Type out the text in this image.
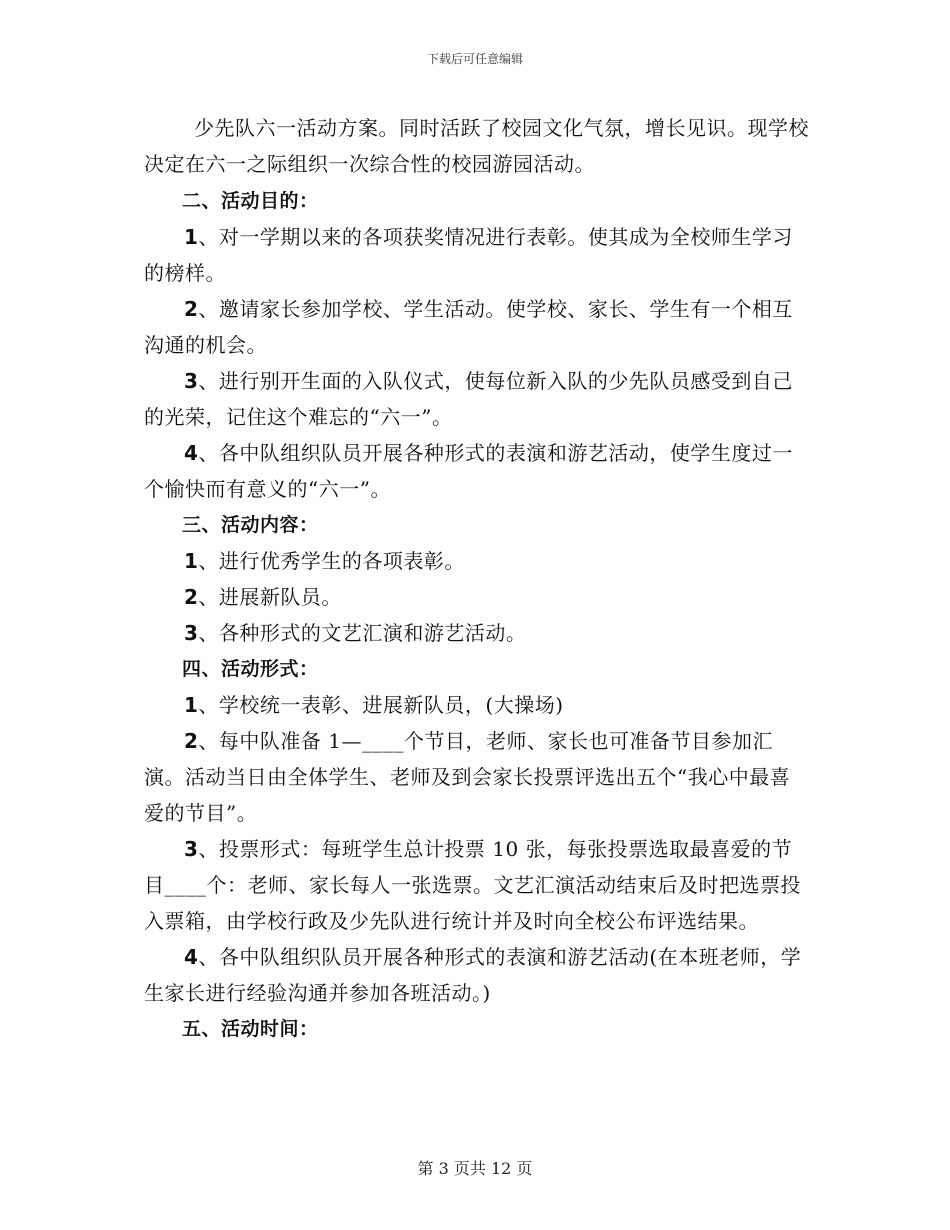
下载后可任意编辑

少先队六一活动方案。同时活跃了校园文化气氛，增长见识。现学校决定在六一之际组织一次综合性的校园游园活动。

二、活动目的：

1、对一学期以来的各项获奖情况进行表彰。使其成为全校师生学习的榜样。

2、邀请家长参加学校、学生活动。使学校、家长、学生有一个相互沟通的机会。

3、进行别开生面的入队仪式，使每位新入队的少先队员感受到自己的光荣，记住这个难忘的“六一”。

4、各中队组织队员开展各种形式的表演和游艺活动，使学生度过一个愉快而有意义的“六一”。

三、活动内容：

1、进行优秀学生的各项表彰。

2、进展新队员。

3、各种形式的文艺汇演和游艺活动。

四、活动形式：

1、学校统一表彰、进展新队员，(大操场)

2、每中队准备 1—____个节目，老师、家长也可准备节目参加汇演。活动当日由全体学生、老师及到会家长投票评选出五个“我心中最喜爱的节目”。

3、投票形式：每班学生总计投票 10 张，每张投票选取最喜爱的节目____个：老师、家长每人一张选票。文艺汇演活动结束后及时把选票投入票箱，由学校行政及少先队进行统计并及时向全校公布评选结果。

4、各中队组织队员开展各种形式的表演和游艺活动(在本班老师，学生家长进行经验沟通并参加各班活动。)

五、活动时间：

第 3 页共 12 页
